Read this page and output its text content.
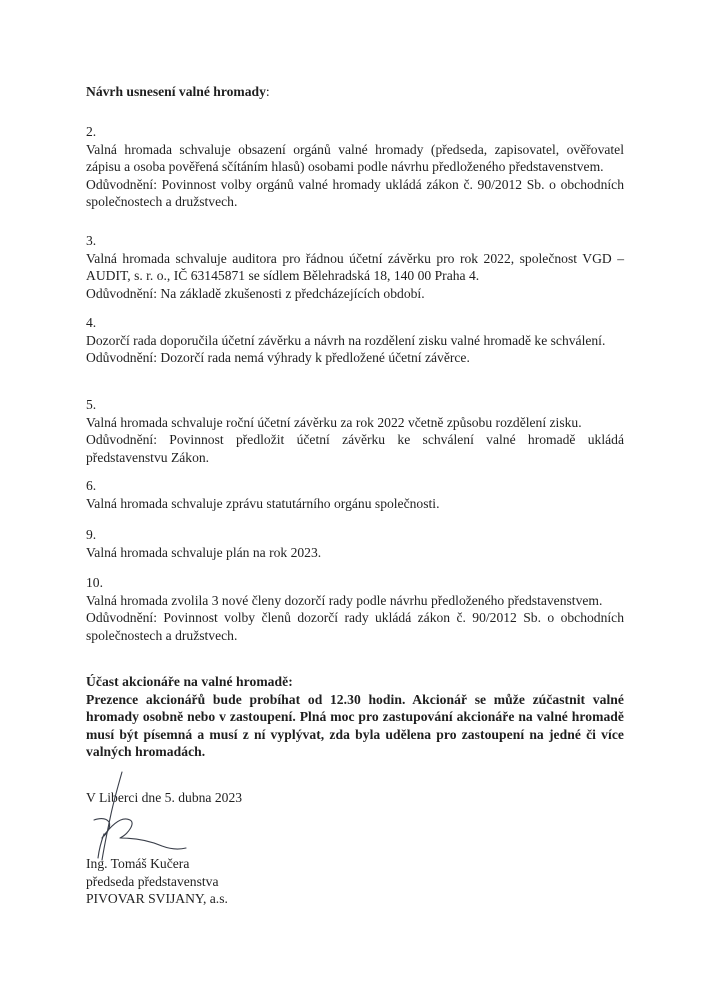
Návrh usnesení valné hromady:
2.
Valná hromada schvaluje obsazení orgánů valné hromady (předseda, zapisovatel, ověřovatel zápisu a osoba pověřená sčítáním hlasů) osobami podle návrhu předloženého představenstvem.
Odůvodnění: Povinnost volby orgánů valné hromady ukládá zákon č. 90/2012 Sb. o obchodních společnostech a družstvech.
3.
Valná hromada schvaluje auditora pro řádnou účetní závěrku pro rok 2022, společnost VGD – AUDIT, s. r. o., IČ 63145871 se sídlem Bělehradská 18, 140 00 Praha 4.
Odůvodnění: Na základě zkušenosti z předcházejících období.
4.
Dozorčí rada doporučila účetní závěrku a návrh na rozdělení zisku valné hromadě ke schválení.
Odůvodnění: Dozorčí rada nemá výhrady k předložené účetní závěrce.
5.
Valná hromada schvaluje roční účetní závěrku za rok 2022 včetně způsobu rozdělení zisku.
Odůvodnění: Povinnost předložit účetní závěrku ke schválení valné hromadě ukládá představenstvu Zákon.
6.
Valná hromada schvaluje zprávu statutárního orgánu společnosti.
9.
Valná hromada schvaluje plán na rok 2023.
10.
Valná hromada zvolila 3 nové členy dozorčí rady podle návrhu předloženého představenstvem.
Odůvodnění: Povinnost volby členů dozorčí rady ukládá zákon č. 90/2012 Sb. o obchodních společnostech a družstvech.
Účast akcionáře na valné hromadě:
Prezence akcionářů bude probíhat od 12.30 hodin. Akcionář se může zúčastnit valné hromady osobně nebo v zastoupení. Plná moc pro zastupování akcionáře na valné hromadě musí být písemná a musí z ní vyplývat, zda byla udělena pro zastoupení na jedné či více valných hromadách.
V Liberci dne 5. dubna 2023
Ing. Tomáš Kučera
předseda představenstva
PIVOVAR SVIJANY, a.s.
